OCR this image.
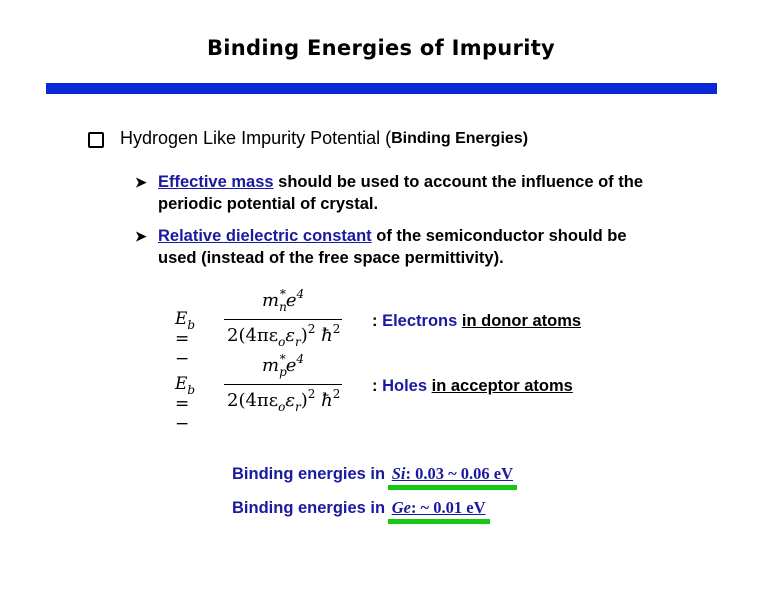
Binding Energies of Impurity
Hydrogen Like Impurity Potential ( Binding Energies)
➤ Effective mass should be used to account the influence of the
periodic potential of crystal.
➤ Relative dielectric constant of the semiconductor should be
used (instead of the free space permittivity).
$E_b$ = −
$m_n^*e^4$
$2(4\pi\varepsilon_o\varepsilon_r)^2$ $ħ^2$ : Electrons in donor atoms
$E_b$ = −
$m_p^*e^4$
$2(4\pi\varepsilon_o\varepsilon_r)^2$ $ħ^2$ : Holes in acceptor atoms
Binding energies in
Si: 0.03 ~ 0.06 eV
Binding energies in
Ge: ~ 0.01 eV
